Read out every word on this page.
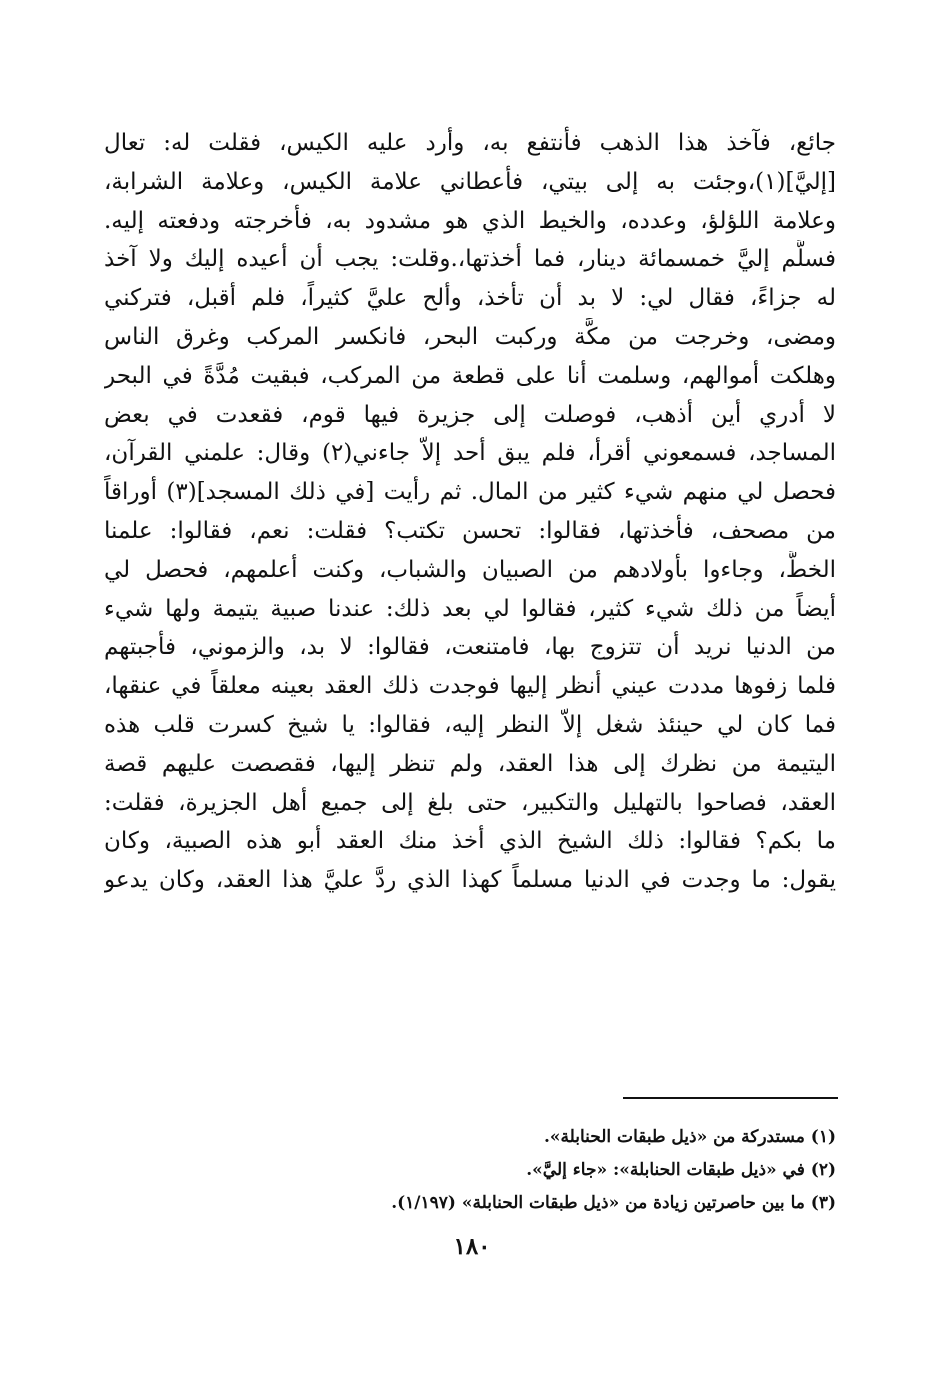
جائع، فآخذ هذا الذهب فأنتفع به، وأرد عليه الكيس، فقلت له: تعال
[إليَّ](١)،وجئت به إلى بيتي، فأعطاني علامة الكيس، وعلامة الشرابة،
وعلامة اللؤلؤ، وعدده، والخيط الذي هو مشدود به، فأخرجته ودفعته إليه.
فسلَّم إليَّ خمسمائة دينار، فما أخذتها،.وقلت: يجب أن أعيده إليك ولا آخذ
له جزاءً، فقال لي: لا بد أن تأخذ، وألح عليَّ كثيراً، فلم أقبل، فتركني
ومضى، وخرجت من مكَّة وركبت البحر، فانكسر المركب وغرق الناس
وهلكت أموالهم، وسلمت أنا على قطعة من المركب، فبقيت مُدَّةً في البحر
لا أدري أين أذهب، فوصلت إلى جزيرة فيها قوم، فقعدت في بعض
المساجد، فسمعوني أقرأ، فلم يبق أحد إلاّ جاءني(٢) وقال: علمني القرآن،
فحصل لي منهم شيء كثير من المال. ثم رأيت [في ذلك المسجد](٣) أوراقاً
من مصحف، فأخذتها، فقالوا: تحسن تكتب؟ فقلت: نعم، فقالوا: علمنا
الخطَّ، وجاءوا بأولادهم من الصبيان والشباب، وكنت أعلمهم، فحصل لي
أيضاً من ذلك شيء كثير، فقالوا لي بعد ذلك: عندنا صبية يتيمة ولها شيء
من الدنيا نريد أن تتزوج بها، فامتنعت، فقالوا: لا بد، والزموني، فأجبتهم
فلما زفوها مددت عيني أنظر إليها فوجدت ذلك العقد بعينه معلقاً في عنقها،
فما كان لي حينئذ شغل إلاّ النظر إليه، فقالوا: يا شيخ كسرت قلب هذه
اليتيمة من نظرك إلى هذا العقد، ولم تنظر إليها، فقصصت عليهم قصة
العقد، فصاحوا بالتهليل والتكبير، حتى بلغ إلى جميع أهل الجزيرة، فقلت:
ما بكم؟ فقالوا: ذلك الشيخ الذي أخذ منك العقد أبو هذه الصبية، وكان
يقول: ما وجدت في الدنيا مسلماً كهذا الذي ردَّ عليَّ هذا العقد، وكان يدعو
(١) مستدركة من «ذيل طبقات الحنابلة».
(٢) في «ذيل طبقات الحنابلة»: «جاء إليَّ».
(٣) ما بين حاصرتين زيادة من «ذيل طبقات الحنابلة» (١/١٩٧).
١٨٠
